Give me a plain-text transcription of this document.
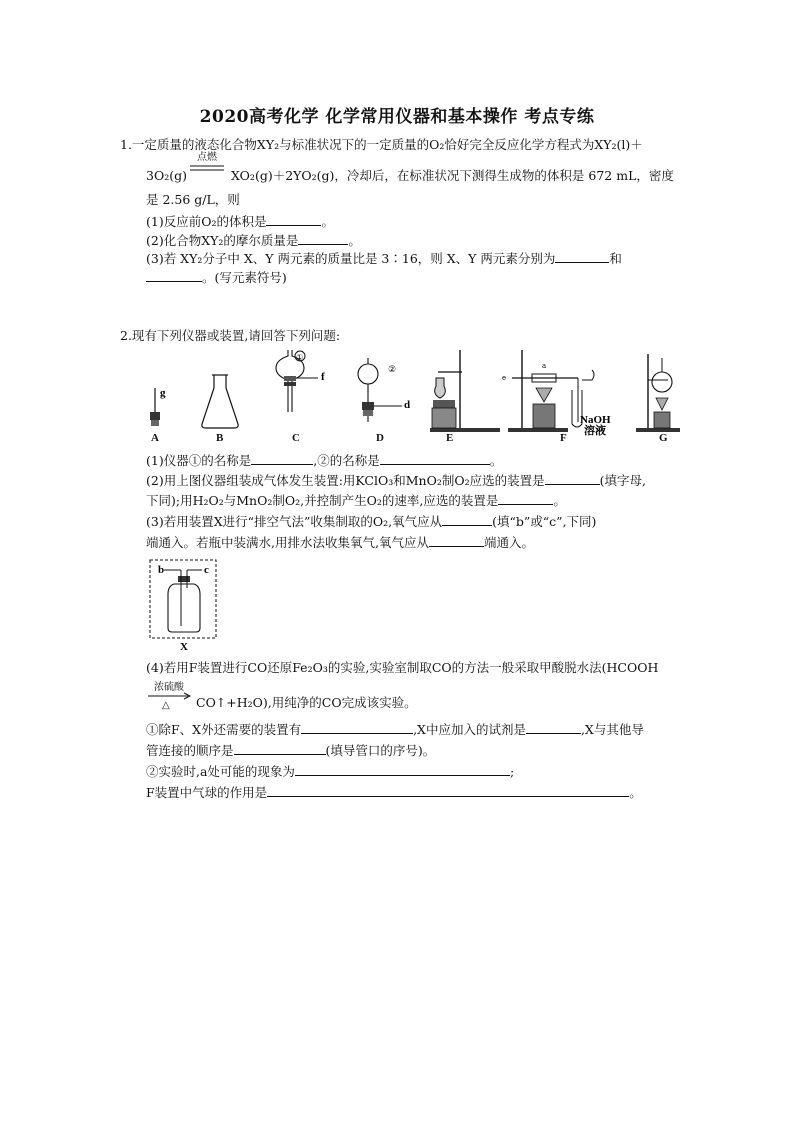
2020高考化学 化学常用仪器和基本操作 考点专练
1.一定质量的液态化合物XY₂与标准状况下的一定质量的O₂恰好完全反应化学方程式为XY₂(l)＋
点燃
3O₂(g)	XO₂(g)＋2YO₂(g)，冷却后，在标准状况下测得生成物的体积是 672 mL，密度
是 2.56 g/L，则
(1)反应前O₂的体积是	。
(2)化合物XY₂的摩尔质量是	。
(3)若 XY₂分子中 X、Y 两元素的质量比是 3∶16，则 X、Y 两元素分别为	和
。(写元素符号)
2.现有下列仪器或装置,请回答下列问题:
g
①
f
②
d
a
e
NaOH
溶液
A	B	C	D	E	F	G
(1)仪器①的名称是	,②的名称是	。
(2)用上图仪器组装成气体发生装置:用KClO₃和MnO₂制O₂应选的装置是	(填字母,
下同);用H₂O₂与MnO₂制O₂,并控制产生O₂的速率,应选的装置是	。
(3)若用装置X进行“排空气法”收集制取的O₂,氧气应从	(填“b”或“c”,下同)
端通入。若瓶中装满水,用排水法收集氧气,氧气应从	端通入。
b	c
X
(4)若用F装置进行CO还原Fe₂O₃的实验,实验室制取CO的方法一般采取甲酸脱水法(HCOOH
浓硫酸
△ CO↑+H₂O),用纯净的CO完成该实验。
①除F、X外还需要的装置有	,X中应加入的试剂是	,X与其他导
管连接的顺序是	(填导管口的序号)。
②实验时,a处可能的现象为	;
F装置中气球的作用是	。
